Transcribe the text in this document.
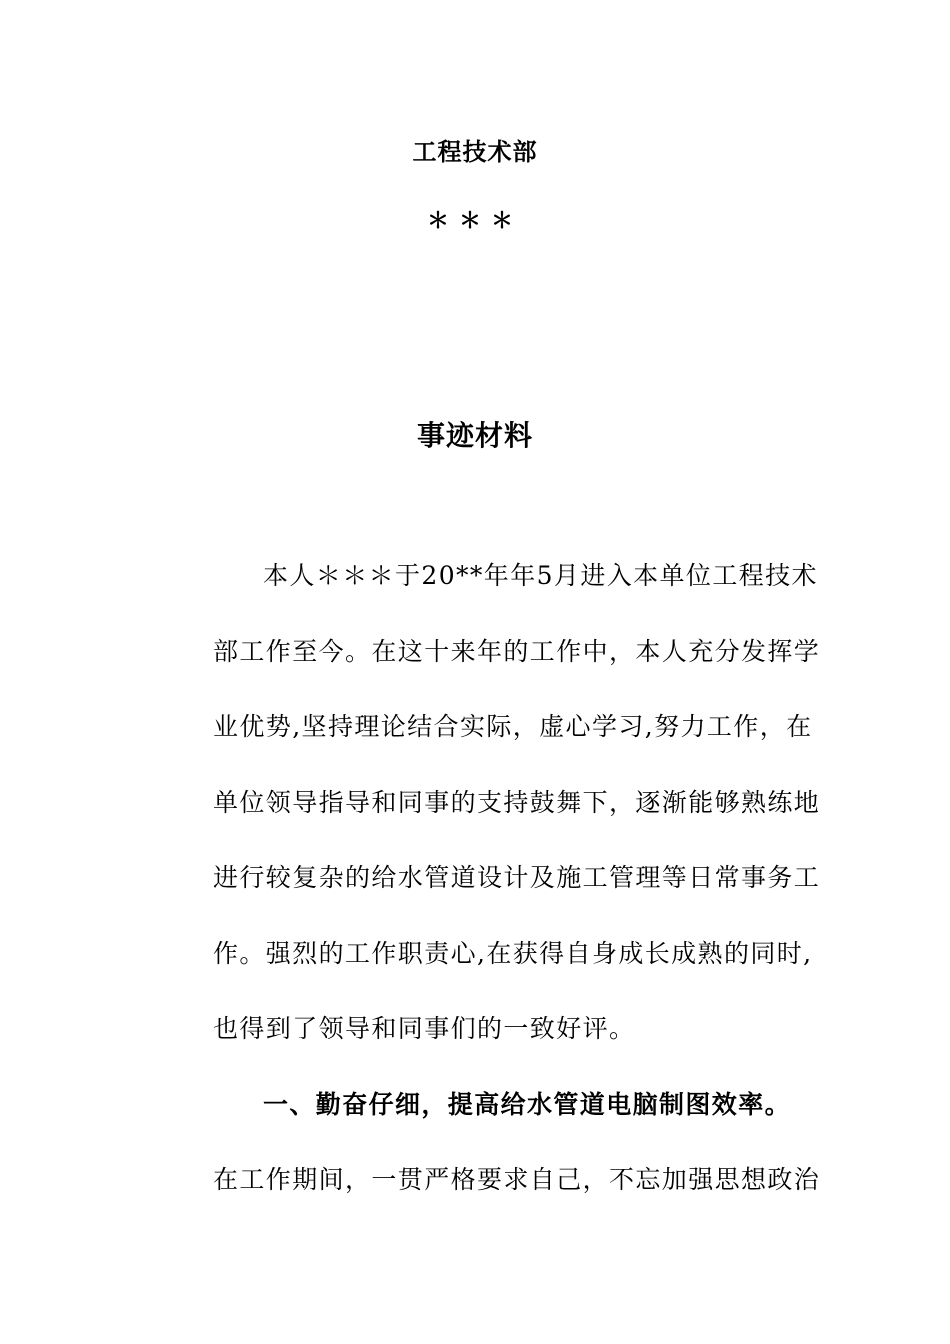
工程技术部
＊＊＊
事迹材料
本人＊＊＊于20**年年5月进入本单位工程技术
部工作至今。在这十来年的工作中，本人充分发挥学
业优势,坚持理论结合实际，虚心学习,努力工作，在
单位领导指导和同事的支持鼓舞下，逐渐能够熟练地
进行较复杂的给水管道设计及施工管理等日常事务工
作。强烈的工作职责心,在获得自身成长成熟的同时,
也得到了领导和同事们的一致好评。
一、勤奋仔细，提高给水管道电脑制图效率。
在工作期间，一贯严格要求自己，不忘加强思想政治
